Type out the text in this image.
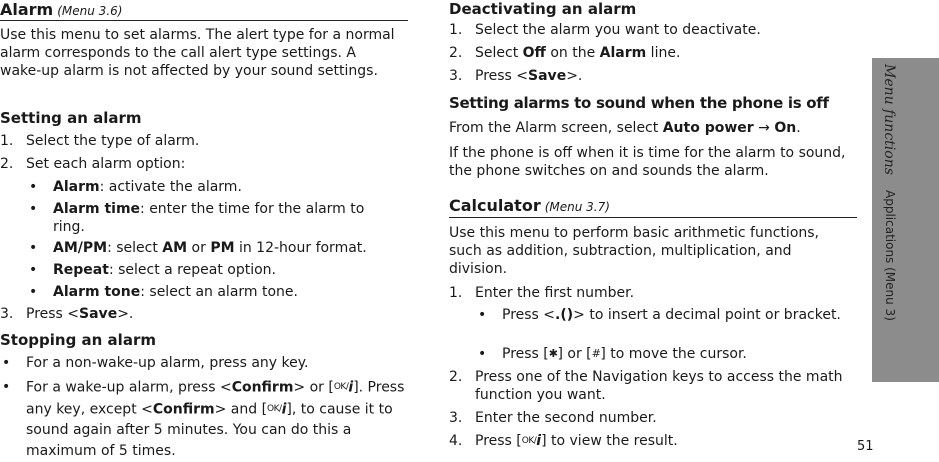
Alarm (Menu 3.6)
Use this menu to set alarms. The alert type for a normal alarm corresponds to the call alert type settings. A wake-up alarm is not affected by your sound settings.
Setting an alarm
1. Select the type of alarm.
2. Set each alarm option:
• Alarm: activate the alarm.
• Alarm time: enter the time for the alarm to ring.
• AM/PM: select AM or PM in 12-hour format.
• Repeat: select a repeat option.
• Alarm tone: select an alarm tone.
3. Press <Save>.
Stopping an alarm
• For a non-wake-up alarm, press any key.
• For a wake-up alarm, press <Confirm> or [OK/i]. Press any key, except <Confirm> and [OK/i], to cause it to sound again after 5 minutes. You can do this a maximum of 5 times.
Deactivating an alarm
1. Select the alarm you want to deactivate.
2. Select Off on the Alarm line.
3. Press <Save>.
Setting alarms to sound when the phone is off
From the Alarm screen, select Auto power → On.
If the phone is off when it is time for the alarm to sound, the phone switches on and sounds the alarm.
Calculator (Menu 3.7)
Use this menu to perform basic arithmetic functions, such as addition, subtraction, multiplication, and division.
1. Enter the first number.
• Press <.()> to insert a decimal point or bracket.
• Press [✱] or [#] to move the cursor.
2. Press one of the Navigation keys to access the math function you want.
3. Enter the second number.
4. Press [OK/i] to view the result.
Menu functions
Applications (Menu 3)
51
